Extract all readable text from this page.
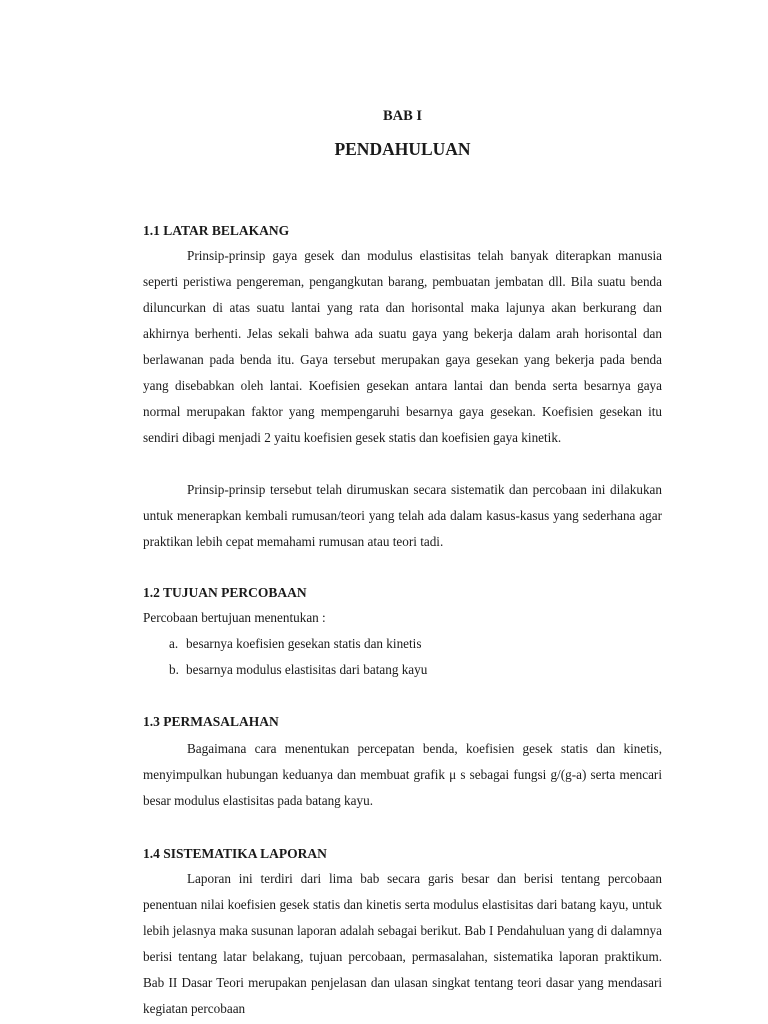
BAB I
PENDAHULUAN
1.1 LATAR BELAKANG

Prinsip-prinsip gaya gesek dan modulus elastisitas telah banyak diterapkan manusia seperti peristiwa pengereman, pengangkutan barang, pembuatan jembatan dll. Bila suatu benda diluncurkan di atas suatu lantai yang rata dan horisontal maka lajunya akan berkurang dan akhirnya berhenti. Jelas sekali bahwa ada suatu gaya yang bekerja dalam arah horisontal dan berlawanan pada benda itu. Gaya tersebut merupakan gaya gesekan yang bekerja pada benda yang disebabkan oleh lantai. Koefisien gesekan antara lantai dan benda serta besarnya gaya normal merupakan faktor yang mempengaruhi besarnya gaya gesekan. Koefisien gesekan itu sendiri dibagi menjadi 2 yaitu koefisien gesek statis dan koefisien gaya kinetik.

Prinsip-prinsip tersebut telah dirumuskan secara sistematik dan percobaan ini dilakukan untuk menerapkan kembali rumusan/teori yang telah ada dalam kasus-kasus yang sederhana agar praktikan lebih cepat memahami rumusan atau teori tadi.

1.2 TUJUAN PERCOBAAN

Percobaan bertujuan menentukan :

a. besarnya koefisien gesekan statis dan kinetis
b. besarnya modulus elastisitas dari batang kayu
1.3 PERMASALAHAN

Bagaimana cara menentukan percepatan benda, koefisien gesek statis dan kinetis, menyimpulkan hubungan keduanya dan membuat grafik μ s sebagai fungsi g/(g-a) serta mencari besar modulus elastisitas pada batang kayu.

1.4 SISTEMATIKA LAPORAN

Laporan ini terdiri dari lima bab secara garis besar dan berisi tentang percobaan penentuan nilai koefisien gesek statis dan kinetis serta modulus elastisitas dari batang kayu, untuk lebih jelasnya maka susunan laporan adalah sebagai berikut. Bab I Pendahuluan yang di dalamnya berisi tentang latar belakang, tujuan percobaan, permasalahan, sistematika laporan praktikum. Bab II Dasar Teori merupakan penjelasan dan ulasan singkat tentang teori dasar yang mendasari kegiatan percobaan
